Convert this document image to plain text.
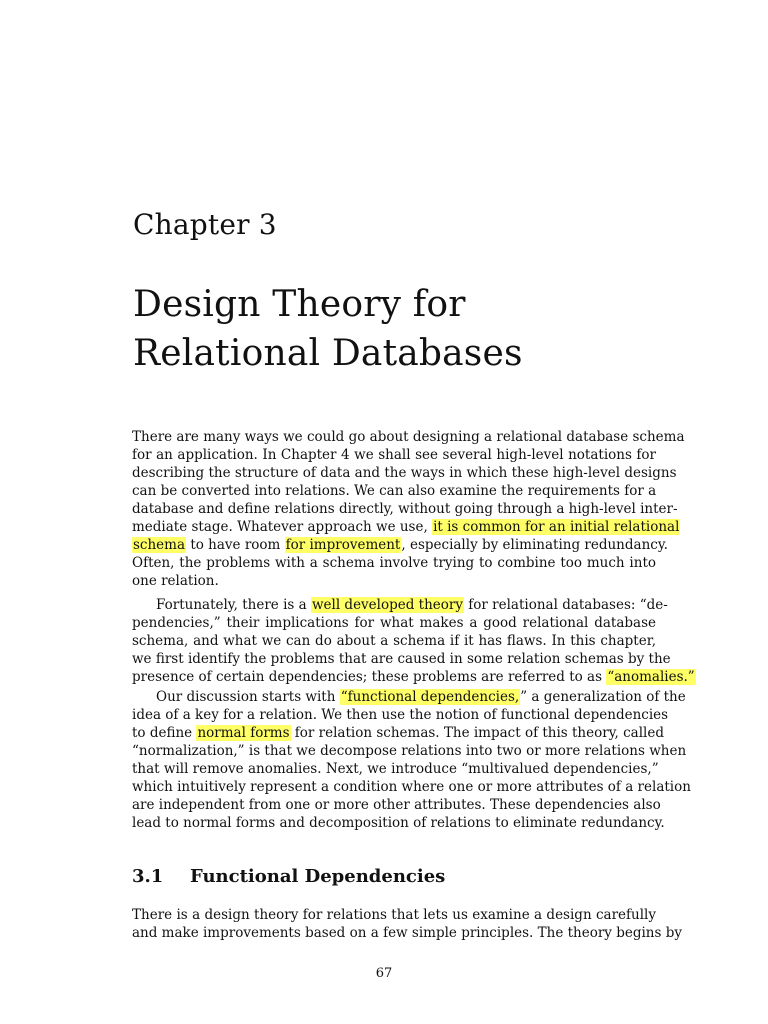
Chapter 3
Design Theory for
Relational Databases
There are many ways we could go about designing a relational database schema
for an application. In Chapter 4 we shall see several high-level notations for
describing the structure of data and the ways in which these high-level designs
can be converted into relations. We can also examine the requirements for a
database and define relations directly, without going through a high-level inter-
mediate stage. Whatever approach we use, it is common for an initial relational
schema to have room for improvement, especially by eliminating redundancy.
Often, the problems with a schema involve trying to combine too much into
one relation.
Fortunately, there is a well developed theory for relational databases: “de-
pendencies,” their implications for what makes a good relational database
schema, and what we can do about a schema if it has flaws. In this chapter,
we first identify the problems that are caused in some relation schemas by the
presence of certain dependencies; these problems are referred to as “anomalies.”
Our discussion starts with “functional dependencies,” a generalization of the
idea of a key for a relation. We then use the notion of functional dependencies
to define normal forms for relation schemas. The impact of this theory, called
“normalization,” is that we decompose relations into two or more relations when
that will remove anomalies. Next, we introduce “multivalued dependencies,”
which intuitively represent a condition where one or more attributes of a relation
are independent from one or more other attributes. These dependencies also
lead to normal forms and decomposition of relations to eliminate redundancy.
3.1 Functional Dependencies
There is a design theory for relations that lets us examine a design carefully
and make improvements based on a few simple principles. The theory begins by
67
